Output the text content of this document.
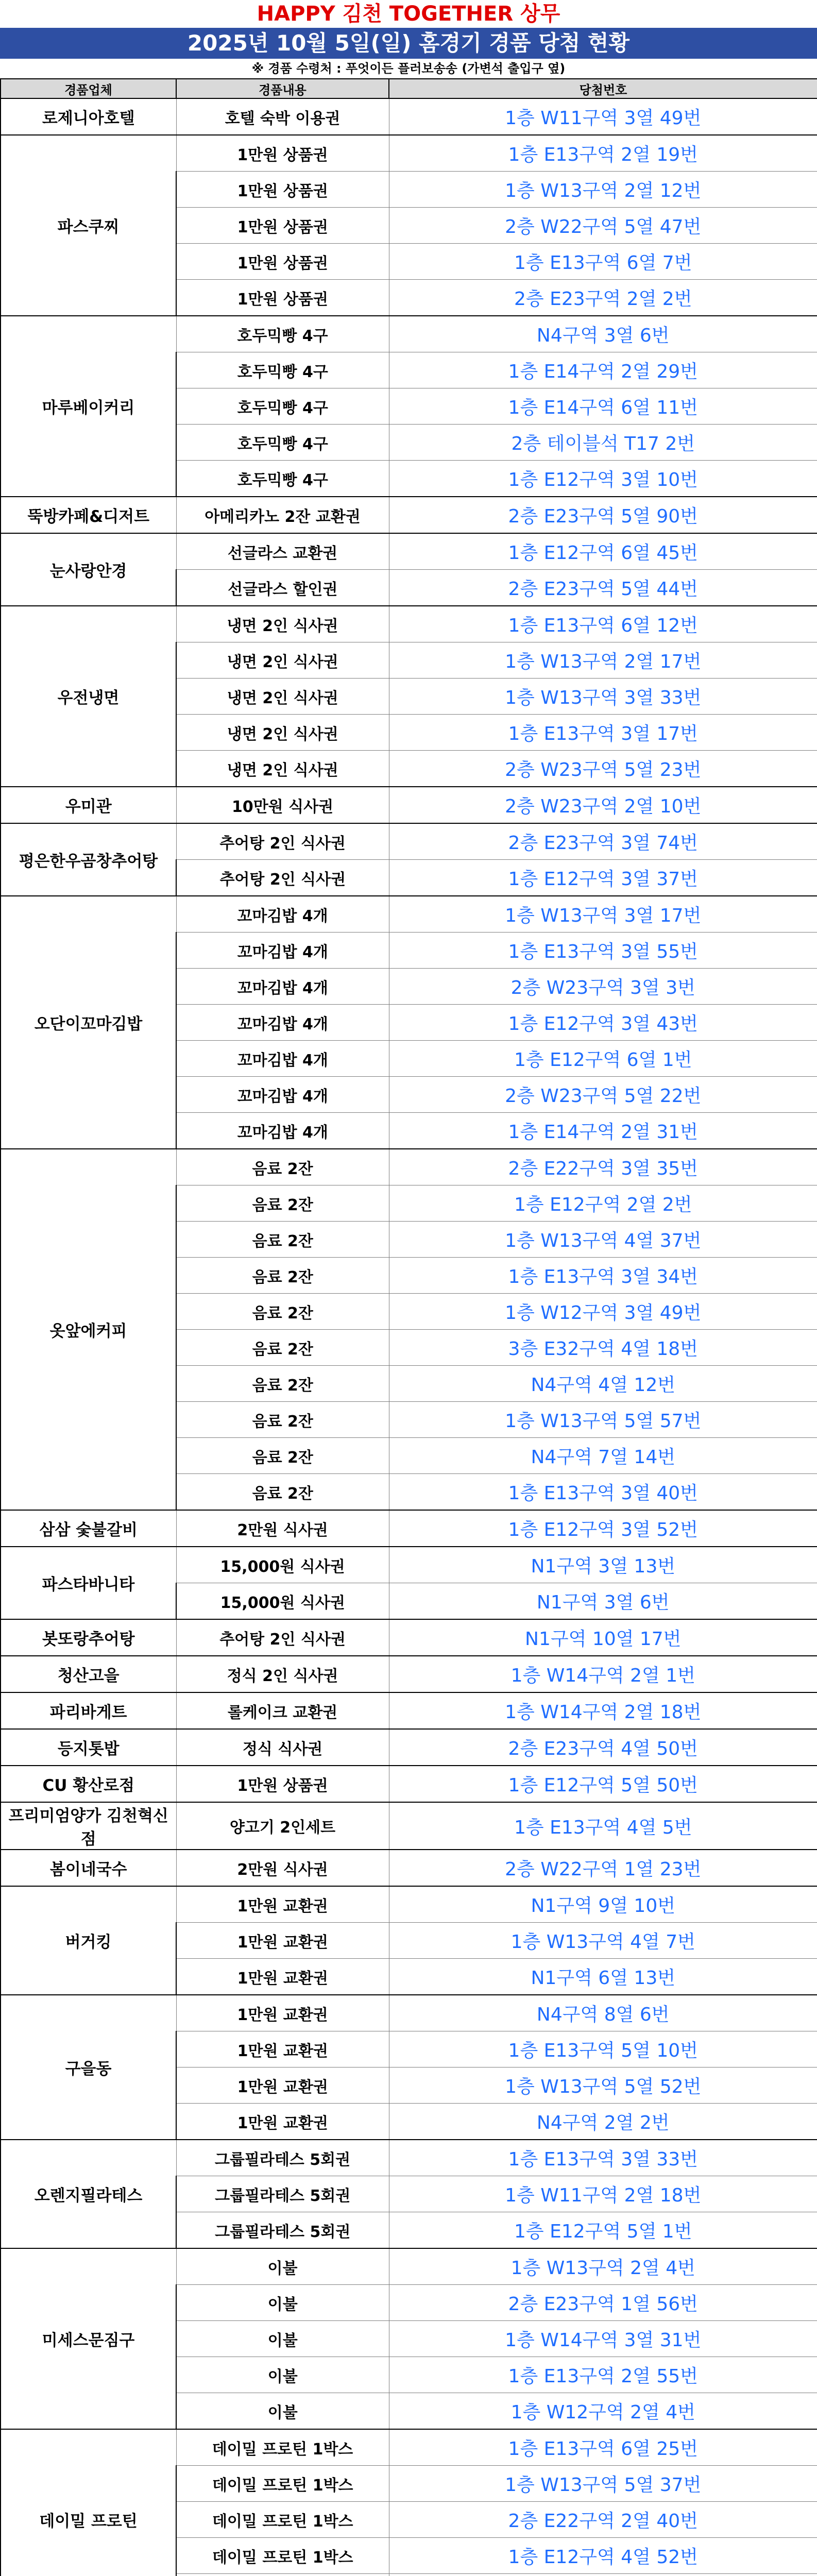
HAPPY 김천 TOGETHER 상무
2025년 10월 5일(일) 홈경기 경품 당첨 현황
※ 경품 수령처 : 푸엇이든 플러보송송 (가변석 출입구 옆)
경품업체	경품내용	당첨번호
로제니아호텔	호텔 숙박 이용권	1층 W11구역 3열 49번
파스쿠찌	1만원 상품권	1층 E13구역 2열 19번
	1만원 상품권	1층 W13구역 2열 12번
	1만원 상품권	2층 W22구역 5열 47번
	1만원 상품권	1층 E13구역 6열 7번
	1만원 상품권	2층 E23구역 2열 2번
마루베이커리	호두믹빵 4구	N4구역 3열 6번
	호두믹빵 4구	1층 E14구역 2열 29번
	호두믹빵 4구	1층 E14구역 6열 11번
	호두믹빵 4구	2층 테이블석 T17 2번
	호두믹빵 4구	1층 E12구역 3열 10번
뚝방카페&디저트	아메리카노 2잔 교환권	2층 E23구역 5열 90번
눈사랑안경	선글라스 교환권	1층 E12구역 6열 45번
	선글라스 할인권	2층 E23구역 5열 44번
우전냉면	냉면 2인 식사권	1층 E13구역 6열 12번
	냉면 2인 식사권	1층 W13구역 2열 17번
	냉면 2인 식사권	1층 W13구역 3열 33번
	냉면 2인 식사권	1층 E13구역 3열 17번
	냉면 2인 식사권	2층 W23구역 5열 23번
우미관	10만원 식사권	2층 W23구역 2열 10번
평은한우곰창추어탕	추어탕 2인 식사권	2층 E23구역 3열 74번
	추어탕 2인 식사권	1층 E12구역 3열 37번
오단이꼬마김밥	꼬마김밥 4개	1층 W13구역 3열 17번
	꼬마김밥 4개	1층 E13구역 3열 55번
	꼬마김밥 4개	2층 W23구역 3열 3번
	꼬마김밥 4개	1층 E12구역 3열 43번
	꼬마김밥 4개	1층 E12구역 6열 1번
	꼬마김밥 4개	2층 W23구역 5열 22번
	꼬마김밥 4개	1층 E14구역 2열 31번
옷앞에커피	음료 2잔	2층 E22구역 3열 35번
	음료 2잔	1층 E12구역 2열 2번
	음료 2잔	1층 W13구역 4열 37번
	음료 2잔	1층 E13구역 3열 34번
	음료 2잔	1층 W12구역 3열 49번
	음료 2잔	3층 E32구역 4열 18번
	음료 2잔	N4구역 4열 12번
	음료 2잔	1층 W13구역 5열 57번
	음료 2잔	N4구역 7열 14번
	음료 2잔	1층 E13구역 3열 40번
삼삼 숯불갈비	2만원 식사권	1층 E12구역 3열 52번
파스타바니타	15,000원 식사권	N1구역 3열 13번
	15,000원 식사권	N1구역 3열 6번
봇또랑추어탕	추어탕 2인 식사권	N1구역 10열 17번
청산고을	정식 2인 식사권	1층 W14구역 2열 1번
파리바게트	롤케이크 교환권	1층 W14구역 2열 18번
등지톳밥	정식 식사권	2층 E23구역 4열 50번
CU 황산로점	1만원 상품권	1층 E12구역 5열 50번
프리미엄양가 김천혁신점	양고기 2인세트	1층 E13구역 4열 5번
봄이네국수	2만원 식사권	2층 W22구역 1열 23번
버거킹	1만원 교환권	N1구역 9열 10번
	1만원 교환권	1층 W13구역 4열 7번
	1만원 교환권	N1구역 6열 13번
구을동	1만원 교환권	N4구역 8열 6번
	1만원 교환권	1층 E13구역 5열 10번
	1만원 교환권	1층 W13구역 5열 52번
	1만원 교환권	N4구역 2열 2번
오렌지필라테스	그룹필라테스 5회권	1층 E13구역 3열 33번
	그룹필라테스 5회권	1층 W11구역 2열 18번
	그룹필라테스 5회권	1층 E12구역 5열 1번
미세스문짐구	이불	1층 W13구역 2열 4번
	이불	2층 E23구역 1열 56번
	이불	1층 W14구역 3열 31번
	이불	1층 E13구역 2열 55번
	이불	1층 W12구역 2열 4번
데이밀 프로틴	데이밀 프로틴 1박스	1층 E13구역 6열 25번
	데이밀 프로틴 1박스	1층 W13구역 5열 37번
	데이밀 프로틴 1박스	2층 E22구역 2열 40번
	데이밀 프로틴 1박스	1층 E12구역 4열 52번
